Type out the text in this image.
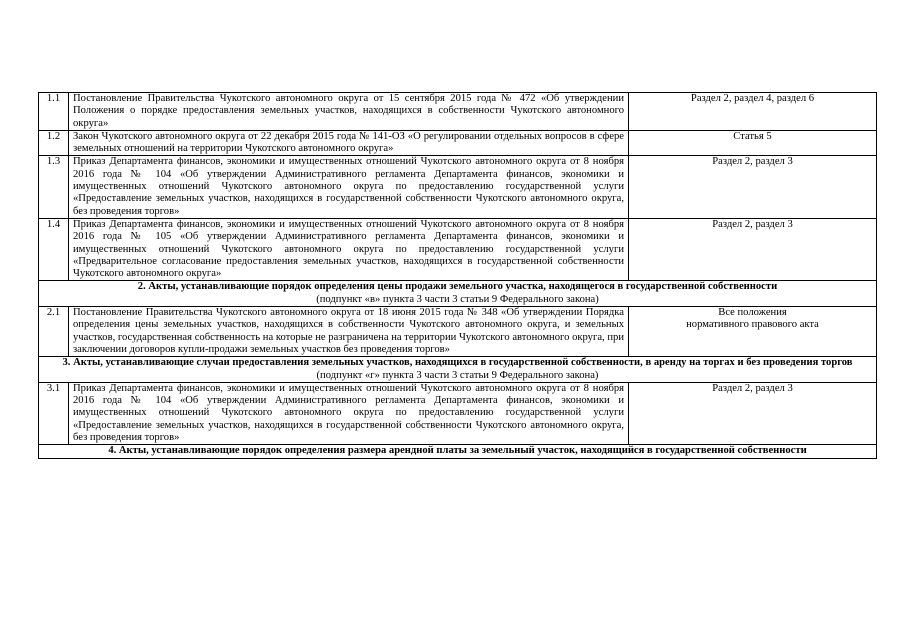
1.1	Постановление Правительства Чукотского автономного округа от 15 сентября 2015 года № 472 «Об утверждении Положения о порядке предоставления земельных участков, находящихся в собственности Чукотского автономного округа»	Раздел 2, раздел 4, раздел 6
1.2	Закон Чукотского автономного округа от 22 декабря 2015 года № 141-ОЗ «О регулировании отдельных вопросов в сфере земельных отношений на территории Чукотского автономного округа»	Статья 5
1.3	Приказ Департамента финансов, экономики и имущественных отношений Чукотского автономного округа от 8 ноября 2016 года № 104 «Об утверждении Административного регламента Департамента финансов, экономики и имущественных отношений Чукотского автономного округа по предоставлению государственной услуги «Предоставление земельных участков, находящихся в государственной собственности Чукотского автономного округа, без проведения торгов»	Раздел 2, раздел 3
1.4	Приказ Департамента финансов, экономики и имущественных отношений Чукотского автономного округа от 8 ноября 2016 года № 105 «Об утверждении Административного регламента Департамента финансов, экономики и имущественных отношений Чукотского автономного округа по предоставлению государственной услуги «Предварительное согласование предоставления земельных участков, находящихся в государственной собственности Чукотского автономного округа»	Раздел 2, раздел 3
2. Акты, устанавливающие порядок определения цены продажи земельного участка, находящегося в государственной собственности
(подпункт «в» пункта 3 части 3 статьи 9 Федерального закона)		

2.1	Постановление Правительства Чукотского автономного округа от 18 июня 2015 года № 348 «Об утверждении Порядка определения цены земельных участков, находящихся в собственности Чукотского автономного округа, и земельных участков, государственная собственность на которые не разграничена на территории Чукотского автономного округа, при заключении договоров купли-продажи земельных участков без проведения торгов»	Все положения
нормативного правового акта

3. Акты, устанавливающие случаи предоставления земельных участков, находящихся в государственной собственности, в аренду на торгах и без проведения торгов
(подпункт «г» пункта 3 части 3 статьи 9 Федерального закона)		

3.1	Приказ Департамента финансов, экономики и имущественных отношений Чукотского автономного округа от 8 ноября 2016 года № 104 «Об утверждении Административного регламента Департамента финансов, экономики и имущественных отношений Чукотского автономного округа по предоставлению государственной услуги «Предоставление земельных участков, находящихся в государственной собственности Чукотского автономного округа, без проведения торгов»	Раздел 2, раздел 3
4. Акты, устанавливающие порядок определения размера арендной платы за земельный участок, находящийся в государственной собственности		
